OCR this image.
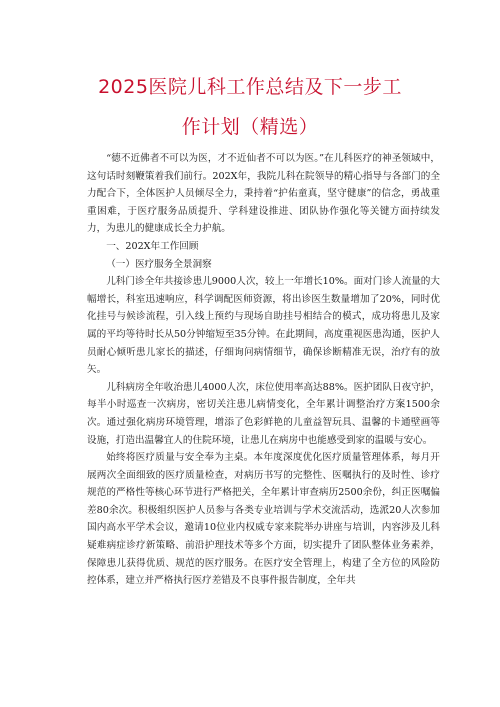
2025医院儿科工作总结及下一步工
作计划（精选）

“德不近佛者不可以为医，才不近仙者不可以为医。”在儿科医疗的神圣领域中，这句话时刻鞭策着我们前行。202X年，我院儿科在院领导的精心指导与各部门的全力配合下，全体医护人员倾尽全力，秉持着“护佑童真，坚守健康”的信念，勇战重重困难，于医疗服务品质提升、学科建设推进、团队协作强化等关键方面持续发力，为患儿的健康成长全力护航。

一、202X年工作回顾

（一）医疗服务全景洞察

儿科门诊全年共接诊患儿9000人次，较上一年增长10%。面对门诊人流量的大幅增长，科室迅速响应，科学调配医师资源，将出诊医生数量增加了20%，同时优化挂号与候诊流程，引入线上预约与现场自助挂号相结合的模式，成功将患儿及家属的平均等待时长从50分钟缩短至35分钟。在此期间，高度重视医患沟通，医护人员耐心倾听患儿家长的描述，仔细询问病情细节，确保诊断精准无误，治疗有的放矢。

儿科病房全年收治患儿4000人次，床位使用率高达88%。医护团队日夜守护，每半小时巡查一次病房，密切关注患儿病情变化，全年累计调整治疗方案1500余次。通过强化病房环境管理，增添了色彩鲜艳的儿童益智玩具、温馨的卡通壁画等设施，打造出温馨宜人的住院环境，让患儿在病房中也能感受到家的温暖与安心。

始终将医疗质量与安全奉为主桌。本年度深度优化医疗质量管理体系，每月开展两次全面细致的医疗质量检查，对病历书写的完整性、医嘱执行的及时性、诊疗规范的严格性等核心环节进行严格把关，全年累计审查病历2500余份，纠正医嘱偏差80余次。积极组织医护人员参与各类专业培训与学术交流活动，选派20人次参加国内高水平学术会议，邀请10位业内权威专家来院举办讲座与培训，内容涉及儿科疑难病症诊疗新策略、前沿护理技术等多个方面，切实提升了团队整体业务素养，保障患儿获得优质、规范的医疗服务。在医疗安全管理上，构建了全方位的风险防控体系，建立并严格执行医疗差错及不良事件报告制度，全年共
